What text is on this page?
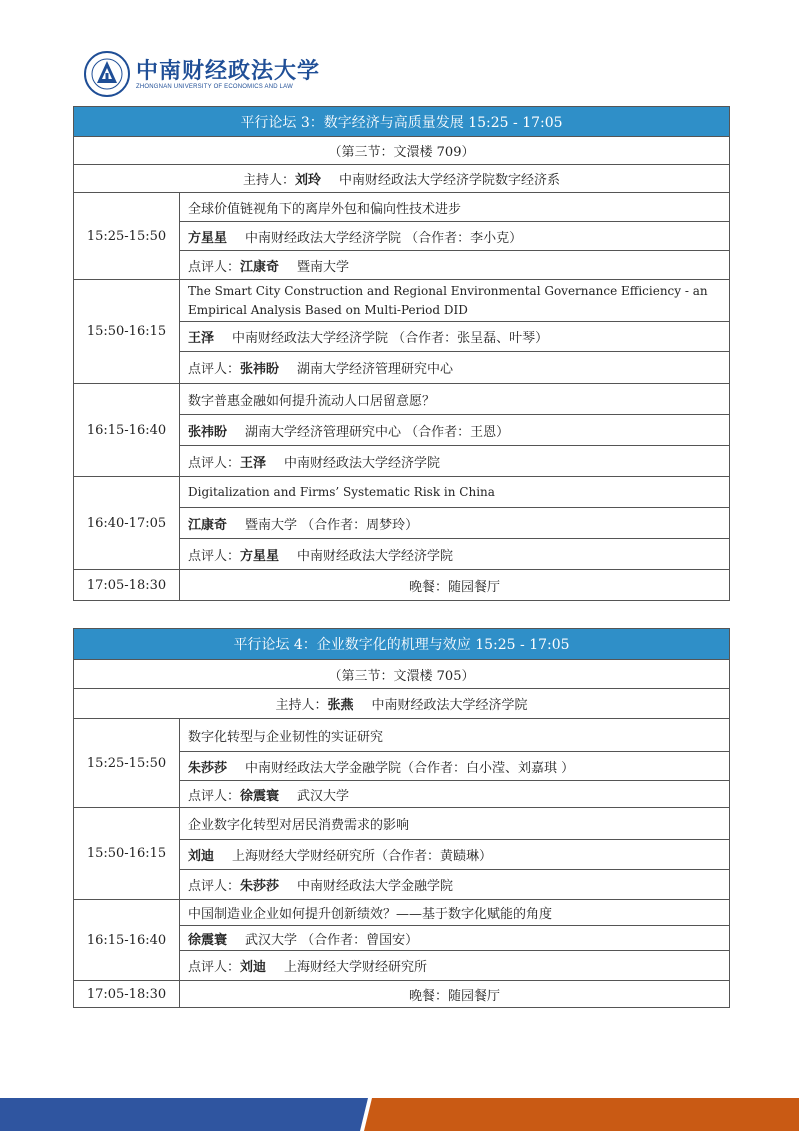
中南财经政法大学
ZHONGNAN UNIVERSITY OF ECONOMICS AND LAW
平行论坛 3：数字经济与高质量发展 15:25 - 17:05	
（第三节：文澴楼 709）	
主持人：刘玲 中南财经政法大学经济学院数字经济系	
15:25-15:50	全球价值链视角下的离岸外包和偏向性技术进步
	方星星 中南财经政法大学经济学院 （合作者：李小克）
	点评人：江康奇 暨南大学
15:50-16:15	The Smart City Construction and Regional Environmental Governance Efficiency - an Empirical Analysis Based on Multi-Period DID
	王泽 中南财经政法大学经济学院 （合作者：张呈磊、叶琴）
	点评人：张祎盼 湖南大学经济管理研究中心
16:15-16:40	数字普惠金融如何提升流动人口居留意愿？
	张祎盼 湖南大学经济管理研究中心 （合作者：王恩）
	点评人：王泽 中南财经政法大学经济学院
16:40-17:05	Digitalization and Firms’ Systematic Risk in China
	江康奇 暨南大学 （合作者：周梦玲）
	点评人：方星星 中南财经政法大学经济学院
17:05-18:30	晚餐：随园餐厅
平行论坛 4：企业数字化的机理与效应 15:25 - 17:05	
（第三节：文澴楼 705）	
主持人：张燕 中南财经政法大学经济学院	
15:25-15:50	数字化转型与企业韧性的实证研究
	朱莎莎 中南财经政法大学金融学院（合作者：白小滢、刘嘉琪 ）
	点评人：徐震寰 武汉大学
15:50-16:15	企业数字化转型对居民消费需求的影响
	刘迪 上海财经大学财经研究所（合作者：黄赜琳）
	点评人：朱莎莎 中南财经政法大学金融学院
16:15-16:40	中国制造业企业如何提升创新绩效？——基于数字化赋能的角度
	徐震寰 武汉大学 （合作者：曾国安）
	点评人：刘迪 上海财经大学财经研究所
17:05-18:30	晚餐：随园餐厅
